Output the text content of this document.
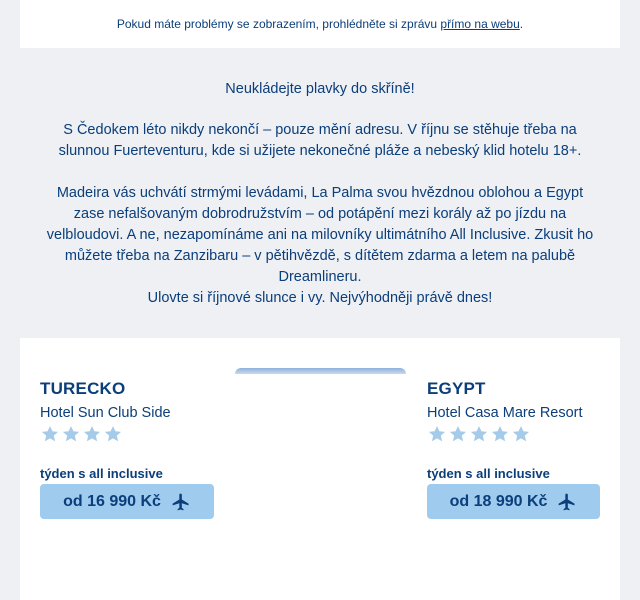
Pokud máte problémy se zobrazením, prohlédněte si zprávu přímo na webu.

Neukládejte plavky do skříně!

S Čedokem léto nikdy nekončí – pouze mění adresu. V říjnu se stěhuje třeba na slunnou Fuerteventuru, kde si užijete nekonečné pláže a nebeský klid hotelu 18+.

Madeira vás uchvátí strmými levádami, La Palma svou hvězdnou oblohou a Egypt zase nefalšovaným dobrodružstvím – od potápění mezi korály až po jízdu na velbloudovi. A ne, nezapomínáme ani na milovníky ultimátního All Inclusive. Zkusit ho můžete třeba na Zanzibaru – v pětihvězdě, s dítětem zdarma a letem na palubě Dreamlineru.

Ulovte si říjnové slunce i vy. Nejvýhodněji právě dnes!

TURECKO
Hotel Sun Club Side
týden s all inclusive
od 16 990 Kč
EGYPT
Hotel Casa Mare Resort
týden s all inclusive
od 18 990 Kč
